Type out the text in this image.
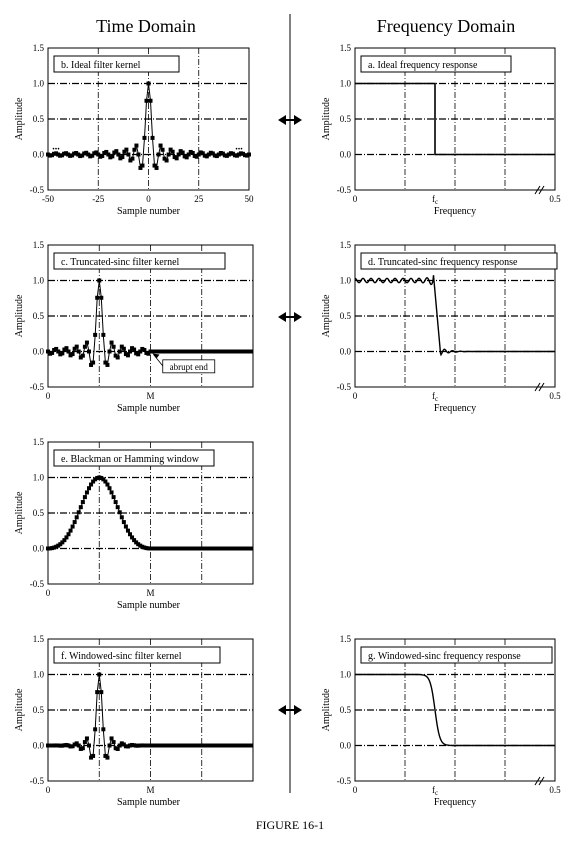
Time Domain	Frequency Domain
FIGURE 16-1
-0.5
0.0
0.5
1.0
1.5
-50	-25	0	25	50
Sample number
Amplitude
b. Ideal filter kernel
...	...
-0.5
0.0
0.5
1.0
1.5
0	$f_c$	0.5
Frequency
Amplitude
a. Ideal frequency response
-0.5
0.0
0.5
1.0
1.5
0	M
Sample number
Amplitude
c. Truncated-sinc filter kernel
abrupt end
-0.5
0.0
0.5
1.0
1.5
0	$f_c$	0.5
Frequency
Amplitude
d. Truncated-sinc frequency response
-0.5
0.0
0.5
1.0
1.5
0	M
Sample number
Amplitude
e. Blackman or Hamming window
-0.5
0.0
0.5
1.0
1.5
0	M
Sample number
Amplitude
f. Windowed-sinc filter kernel
-0.5
0.0
0.5
1.0
1.5
0	$f_c$	0.5
Frequency
Amplitude
g. Windowed-sinc frequency response
